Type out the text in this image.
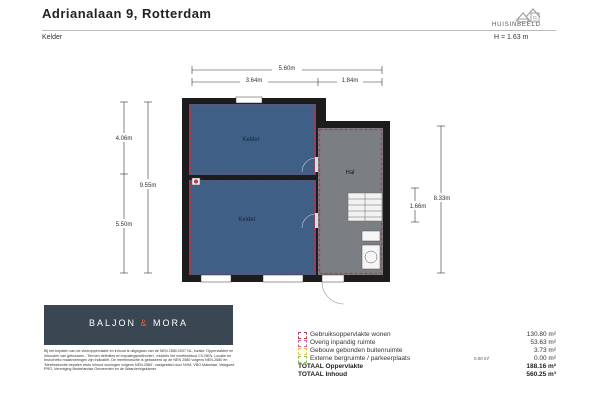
Adrianalaan 9, Rotterdam	B
HUISINBEELD
Kelder	H = 1.63 m
5.60m
3.64m	1.84m
9.55m
4.06m
5.50m
8.33m
1.66m
Kelder
Kelder
Hal
BALJON & MORA
Bij het bepalen van de vloeroppervlakte en inhoud is uitgegaan van de NEN 2580:2007 NL, inzake 'Oppervlakten en inhouden van gebouwen - Termen definities en bepalingsmethoden', middels het meetinstituut CV-NEN. Locatie en bruto/netto maatvoeringen zijn indicatief. De meetinstructie is gebaseerd op de NEN 2580 volgens NEN-2580 en 'Meetinstructie bepalen bruto inhoud woningen volgens NEN-2580', vastgesteld door NVM, VBO Makelaar, Vastgoed PRO, Vereniging Nederlandse Gemeenten en de Waarderingskamer.
Gebruiksoppervlakte wonen	130.80 m²
Overig inpandig ruimte	53.63 m²
Gebouw gebonden buitenruimte	3.73 m²
Externe bergruimte / parkeerplaats	0.00 m²	0.00 m²
TOTAAL Oppervlakte	188.16 m²
TOTAAL Inhoud	560.25 m³
